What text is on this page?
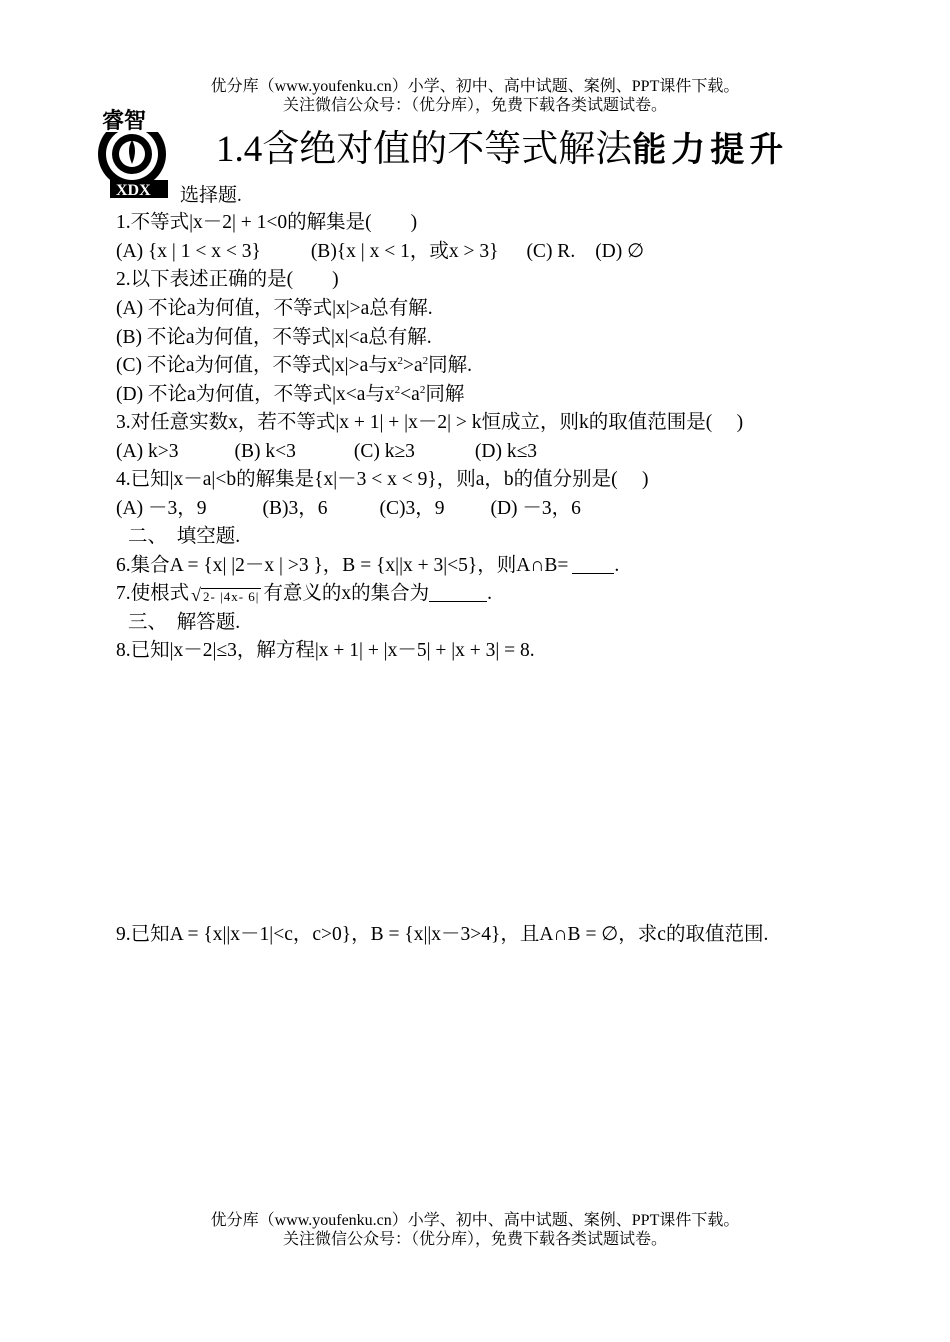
优分库（www.youfenku.cn）小学、初中、高中试题、案例、PPT课件下载。
关注微信公众号：（优分库），免费下载各类试题试卷。
睿智
XDX
1.4含绝对值的不等式解法能力提升
选择题.
1.不等式|x－2| + 1<0的解集是(　　)
(A) {x | 1 < x < 3}	(B){x | x < 1，或x > 3} (C) R. (D) ∅
2.以下表述正确的是(　　)
(A) 不论a为何值，不等式|x|>a总有解.
(B) 不论a为何值，不等式|x|<a总有解.
(C) 不论a为何值，不等式|x|>a与$x^2>a^2$同解.
(D) 不论a为何值，不等式|x<a与$x^2<a^2$同解
3.对任意实数x，若不等式|x + 1| + |x－2| > k恒成立，则k的取值范围是(　 )
(A) k>3	(B) k<3	(C) k≥3	(D) k≤3
4.已知|x－a|<b的解集是{x|－3 < x < 9}，则a，b的值分别是(　 )
(A) －3，9	(B)3，6	(C)3，9 (D) －3，6
二、　填空题.
6.集合A = {x| |2－x | >3 }，B = {x||x + 3|<5}，则A∩B= .
7.使根式 √ 2- |4x- 6| 有意义的x的集合为	.
三、　解答题.
8.已知|x－2|≤3，解方程|x + 1| + |x－5| + |x + 3| = 8.
9.已知A = {x||x－1|<c，c>0}，B = {x||x－3>4}，且A∩B = ∅，求c的取值范围.
优分库（www.youfenku.cn）小学、初中、高中试题、案例、PPT课件下载。
关注微信公众号：（优分库），免费下载各类试题试卷。
